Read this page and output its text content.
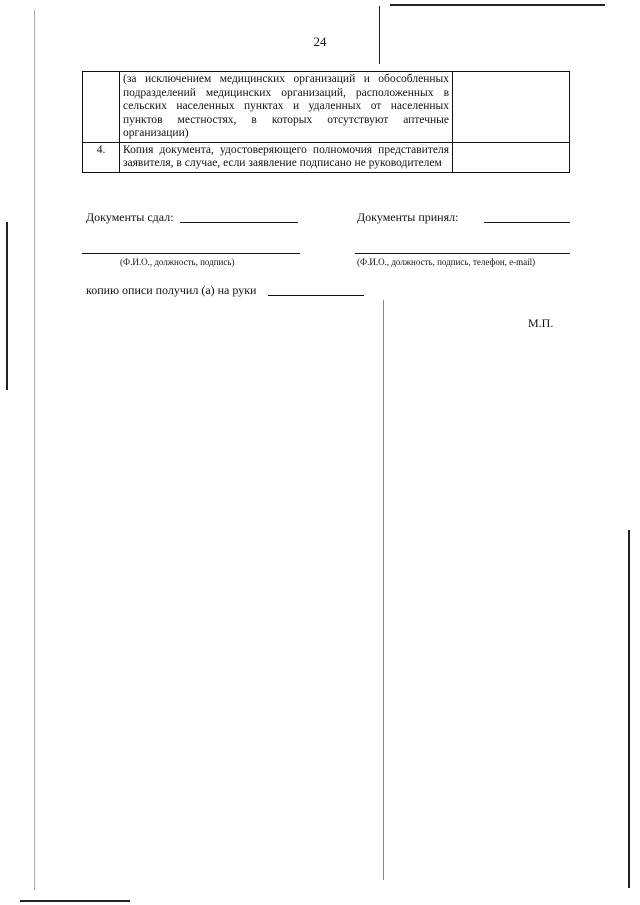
24
	(за исключением медицинских организаций и обособленных подразделений медицинских организаций, расположенных в сельских населенных пунктах и удаленных от населенных пунктов местностях, в которых отсутствуют аптечные организации)	
4.	Копия документа, удостоверяющего полномочия представителя заявителя, в случае, если заявление подписано не руководителем	
Документы сдал:	Документы принял:
(Ф.И.О., должность, подпись)	(Ф.И.О., должность, подпись, телефон, e-mail)
копию описи получил (а) на руки
М.П.
